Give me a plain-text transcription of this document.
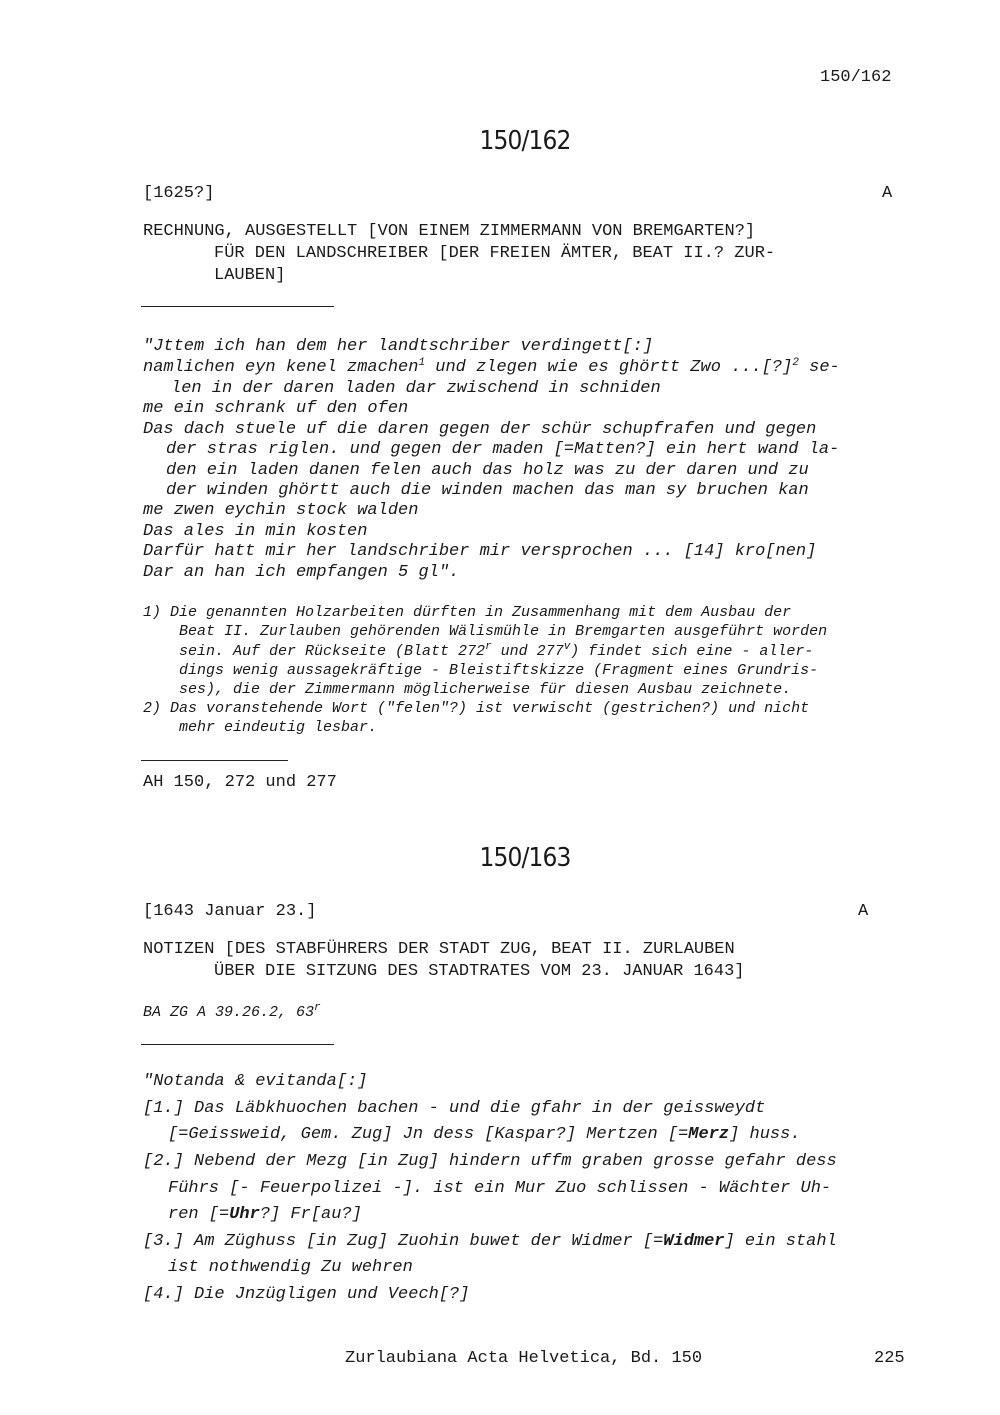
150/162
150/162
[1625?]	A
RECHNUNG, AUSGESTELLT [VON EINEM ZIMMERMANN VON BREMGARTEN?]
FÜR DEN LANDSCHREIBER [DER FREIEN ÄMTER, BEAT II.? ZUR-
LAUBEN]

"Jttem ich han dem her landtschriber verdingett[:]

namlichen eyn kenel zmachen$^1$ und zlegen wie es ghörtt Zwo ...[?]$^2$ se-

len in der daren laden dar zwischend in schniden

me ein schrank uf den ofen

Das dach stuele uf die daren gegen der schür schupfrafen und gegen

der stras riglen. und gegen der maden [=Matten?] ein hert wand la-

den ein laden danen felen auch das holz was zu der daren und zu

der winden ghörtt auch die winden machen das man sy bruchen kan

me zwen eychin stock walden

Das ales in min kosten

Darfür hatt mir her landschriber mir versprochen ... [14] kro[nen]

Dar an han ich empfangen 5 gl".

1) Die genannten Holzarbeiten dürften in Zusammenhang mit dem Ausbau der

Beat II. Zurlauben gehörenden Wälismühle in Bremgarten ausgeführt worden

sein. Auf der Rückseite (Blatt 272$^r$ und 277$^v$) findet sich eine - aller-

dings wenig aussagekräftige - Bleistiftskizze (Fragment eines Grundris-

ses), die der Zimmermann möglicherweise für diesen Ausbau zeichnete.

2) Das voranstehende Wort ("felen"?) ist verwischt (gestrichen?) und nicht

mehr eindeutig lesbar.

AH 150, 272 und 277
150/163
[1643 Januar 23.]	A
NOTIZEN [DES STABFÜHRERS DER STADT ZUG, BEAT II. ZURLAUBEN
ÜBER DIE SITZUNG DES STADTRATES VOM 23. JANUAR 1643]
BA ZG A 39.26.2, 63$^r$

"Notanda & evitanda[:]

[1.] Das Läbkhuochen bachen - und die gfahr in der geissweydt

[=Geissweid, Gem. Zug] Jn dess [Kaspar?] Mertzen [=Merz] huss.

[2.] Nebend der Mezg [in Zug] hindern uffm graben grosse gefahr dess

Führs [- Feuerpolizei -]. ist ein Mur Zuo schlissen - Wächter Uh-

ren [=Uhr?] Fr[au?]

[3.] Am Züghuss [in Zug] Zuohin buwet der Widmer [=Widmer] ein stahl

ist nothwendig Zu wehren

[4.] Die Jnzügligen und Veech[?]

Zurlaubiana Acta Helvetica, Bd. 150	225
